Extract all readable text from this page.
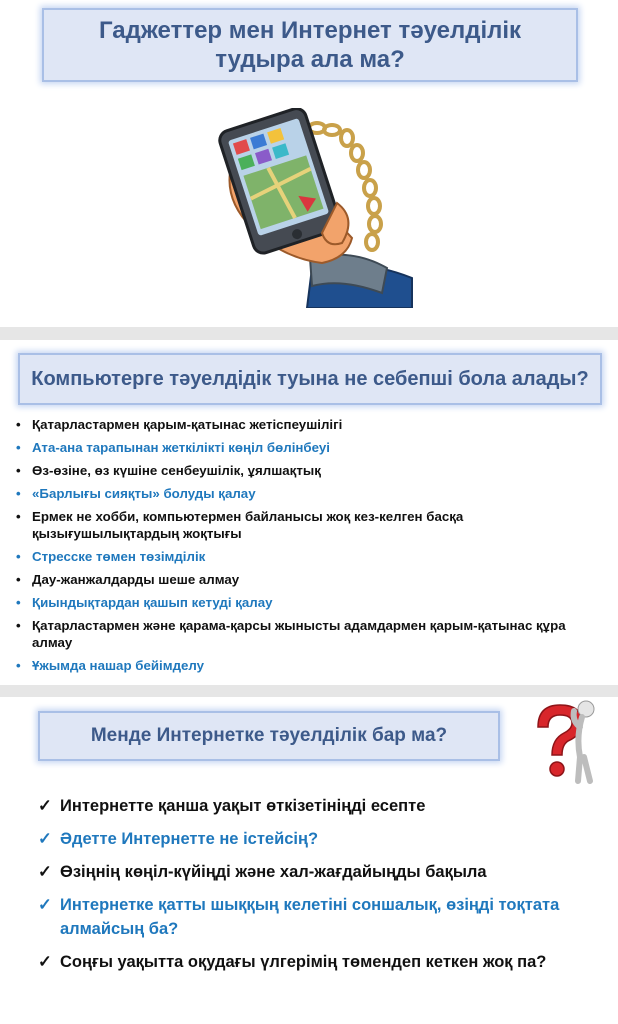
Гаджеттер мен Интернет тәуелділік
тудыра ала ма?
Компьютерге тәуелдідік туына не себепші бола алады?
• Қатарластармен қарым-қатынас жетіспеушілігі
• Ата-ана тарапынан жеткілікті көңіл бөлінбеуі
• Өз-өзіне, өз күшіне сенбеушілік, ұялшақтық
• «Барлығы сияқты» болуды қалау
• Ермек не хобби, компьютермен байланысы жоқ кез-келген басқа қызығушылықтардың жоқтығы
• Стресске төмен төзімділік
• Дау-жанжалдарды шеше алмау
• Қиындықтардан қашып кетуді қалау
• Қатарластармен және қарама-қарсы жынысты адамдармен қарым-қатынас құра алмау
• Ұжымда нашар бейімделу
Менде Интернетке тәуелділік бар ма?
✓ Интернетте қанша уақыт өткізетініңді есепте
✓ Әдетте Интернетте не істейсің?
✓ Өзіңнің көңіл-күйіңді және хал-жағдайыңды бақыла
✓ Интернетке қатты шыққың келетіні соншалық, өзіңді тоқтата алмайсың ба?
✓ Соңғы уақытта оқудағы үлгерімің төмендеп кеткен жоқ па?
